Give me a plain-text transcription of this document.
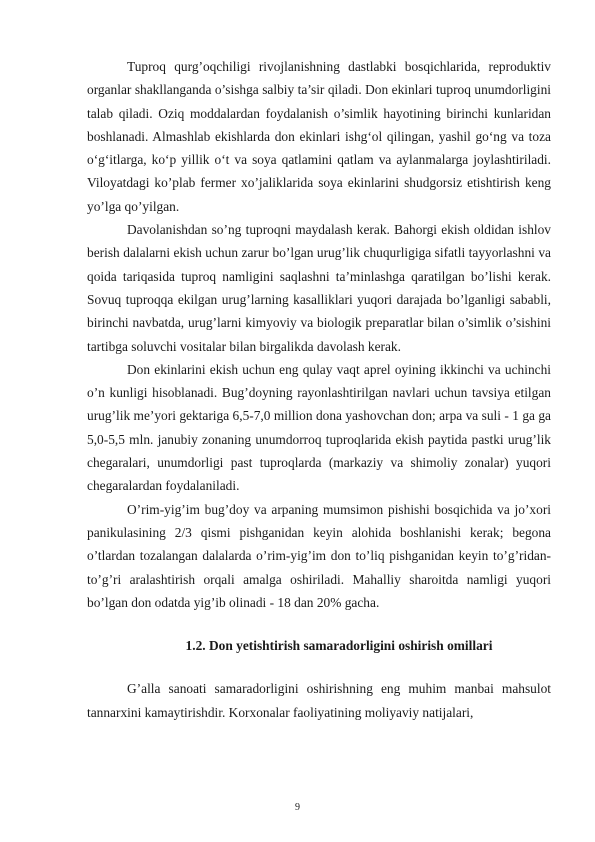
Tuproq qurg’oqchiligi rivojlanishning dastlabki bosqichlarida, reproduktiv organlar shakllanganda o’sishga salbiy ta’sir qiladi. Don ekinlari tuproq unumdorligini talab qiladi. Oziq moddalardan foydalanish o’simlik hayotining birinchi kunlaridan boshlanadi. Almashlab ekishlarda don ekinlari ishg‘ol qilingan, yashil go‘ng va toza o‘g‘itlarga, ko‘p yillik o‘t va soya qatlamini qatlam va aylanmalarga joylashtiriladi. Viloyatdagi ko’plab fermer xo’jaliklarida soya ekinlarini shudgorsiz etishtirish keng yo’lga qo’yilgan.

Davolanishdan so’ng tuproqni maydalash kerak. Bahorgi ekish oldidan ishlov berish dalalarni ekish uchun zarur bo’lgan urug’lik chuqurligiga sifatli tayyorlashni va qoida tariqasida tuproq namligini saqlashni ta’minlashga qaratilgan bo’lishi kerak. Sovuq tuproqqa ekilgan urug’larning kasalliklari yuqori darajada bo’lganligi sababli, birinchi navbatda, urug’larni kimyoviy va biologik preparatlar bilan o’simlik o’sishini tartibga soluvchi vositalar bilan birgalikda davolash kerak.

Don ekinlarini ekish uchun eng qulay vaqt aprel oyining ikkinchi va uchinchi o’n kunligi hisoblanadi. Bug’doyning rayonlashtirilgan navlari uchun tavsiya etilgan urug’lik me’yori gektariga 6,5-7,0 million dona yashovchan don; arpa va suli - 1 ga ga 5,0-5,5 mln. janubiy zonaning unumdorroq tuproqlarida ekish paytida pastki urug’lik chegaralari, unumdorligi past tuproqlarda (markaziy va shimoliy zonalar) yuqori chegaralardan foydalaniladi.

O’rim-yig’im bug’doy va arpaning mumsimon pishishi bosqichida va jo’xori panikulasining 2/3 qismi pishganidan keyin alohida boshlanishi kerak; begona o’tlardan tozalangan dalalarda o’rim-yig’im don to’liq pishganidan keyin to’g’ridan-to’g’ri aralashtirish orqali amalga oshiriladi. Mahalliy sharoitda namligi yuqori bo’lgan don odatda yig’ib olinadi - 18 dan 20% gacha.

1.2. Don yetishtirish samaradorligini oshirish omillari

G’alla sanoati samaradorligini oshirishning eng muhim manbai mahsulot tannarxini kamaytirishdir. Korxonalar faoliyatining moliyaviy natijalari,

9
